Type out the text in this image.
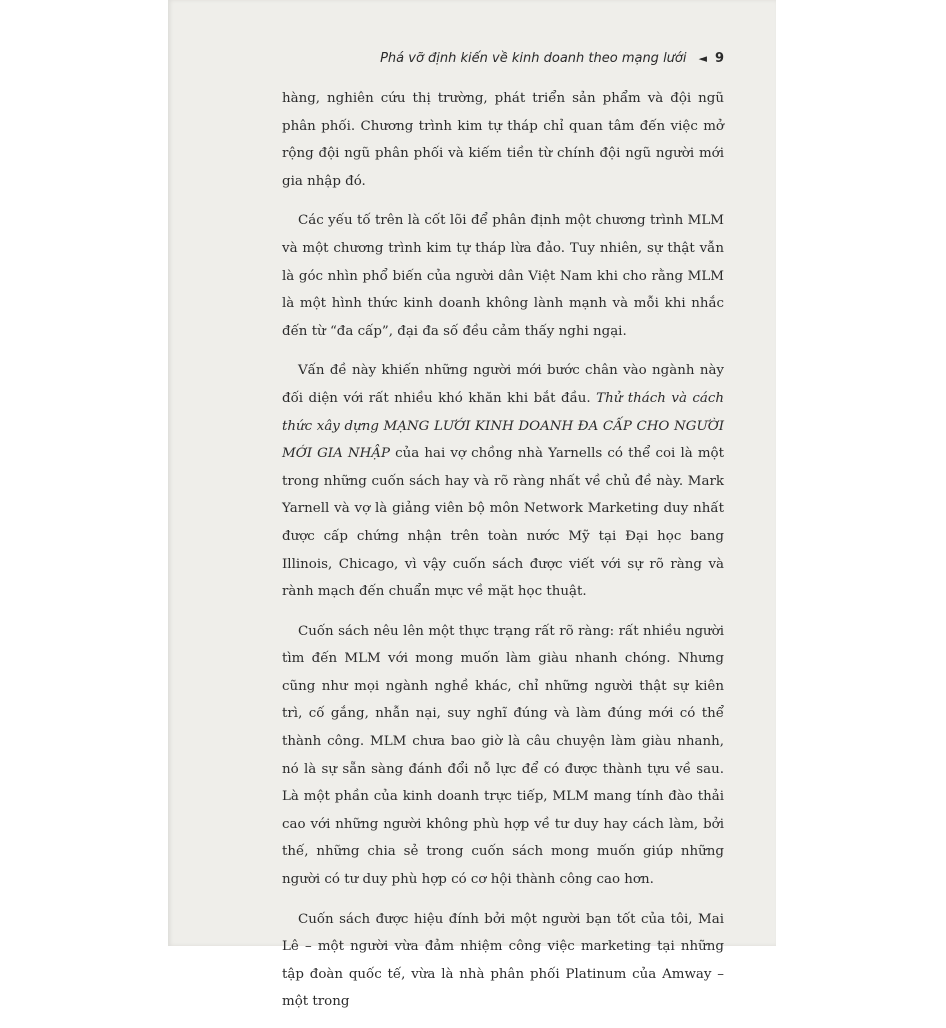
Phá vỡ định kiến về kinh doanh theo mạng lưới ◄ 9

hàng, nghiên cứu thị trường, phát triển sản phẩm và đội ngũ phân phối. Chương trình kim tự tháp chỉ quan tâm đến việc mở rộng đội ngũ phân phối và kiếm tiền từ chính đội ngũ người mới gia nhập đó.

Các yếu tố trên là cốt lõi để phân định một chương trình MLM và một chương trình kim tự tháp lừa đảo. Tuy nhiên, sự thật vẫn là góc nhìn phổ biến của người dân Việt Nam khi cho rằng MLM là một hình thức kinh doanh không lành mạnh và mỗi khi nhắc đến từ “đa cấp”, đại đa số đều cảm thấy nghi ngại.

Vấn đề này khiến những người mới bước chân vào ngành này đối diện với rất nhiều khó khăn khi bắt đầu. Thử thách và cách thức xây dựng MẠNG LƯỚI KINH DOANH ĐA CẤP CHO NGƯỜI MỚI GIA NHẬP của hai vợ chồng nhà Yarnells có thể coi là một trong những cuốn sách hay và rõ ràng nhất về chủ đề này. Mark Yarnell và vợ là giảng viên bộ môn Network Marketing duy nhất được cấp chứng nhận trên toàn nước Mỹ tại Đại học bang Illinois, Chicago, vì vậy cuốn sách được viết với sự rõ ràng và rành mạch đến chuẩn mực về mặt học thuật.

Cuốn sách nêu lên một thực trạng rất rõ ràng: rất nhiều người tìm đến MLM với mong muốn làm giàu nhanh chóng. Nhưng cũng như mọi ngành nghề khác, chỉ những người thật sự kiên trì, cố gắng, nhẫn nại, suy nghĩ đúng và làm đúng mới có thể thành công. MLM chưa bao giờ là câu chuyện làm giàu nhanh, nó là sự sẵn sàng đánh đổi nỗ lực để có được thành tựu về sau. Là một phần của kinh doanh trực tiếp, MLM mang tính đào thải cao với những người không phù hợp về tư duy hay cách làm, bởi thế, những chia sẻ trong cuốn sách mong muốn giúp những người có tư duy phù hợp có cơ hội thành công cao hơn.

Cuốn sách được hiệu đính bởi một người bạn tốt của tôi, Mai Lê – một người vừa đảm nhiệm công việc marketing tại những tập đoàn quốc tế, vừa là nhà phân phối Platinum của Amway – một trong
